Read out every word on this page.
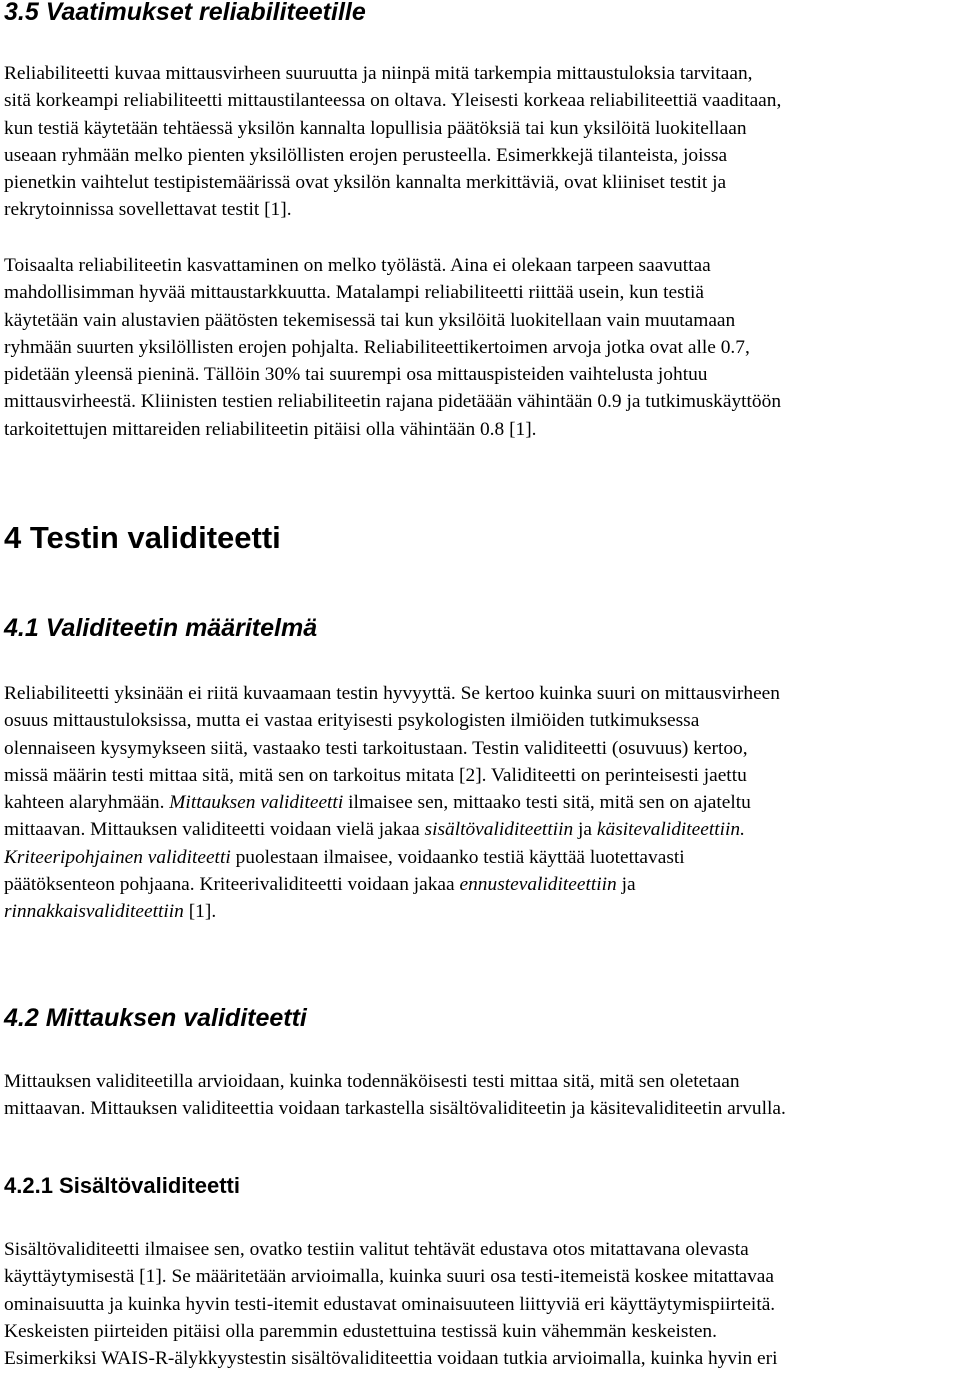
3.5 Vaatimukset reliabiliteetille
Reliabiliteetti kuvaa mittausvirheen suuruutta ja niinpä mitä tarkempia mittaustuloksia tarvitaan,
sitä korkeampi reliabiliteetti mittaustilanteessa on oltava. Yleisesti korkeaa reliabiliteettiä vaaditaan,
kun testiä käytetään tehtäessä yksilön kannalta lopullisia päätöksiä tai kun yksilöitä luokitellaan
useaan ryhmään melko pienten yksilöllisten erojen perusteella. Esimerkkejä tilanteista, joissa
pienetkin vaihtelut testipistemäärissä ovat yksilön kannalta merkittäviä, ovat kliiniset testit ja
rekrytoinnissa sovellettavat testit [1].
Toisaalta reliabiliteetin kasvattaminen on melko työlästä. Aina ei olekaan tarpeen saavuttaa
mahdollisimman hyvää mittaustarkkuutta. Matalampi reliabiliteetti riittää usein, kun testiä
käytetään vain alustavien päätösten tekemisessä tai kun yksilöitä luokitellaan vain muutamaan
ryhmään suurten yksilöllisten erojen pohjalta. Reliabiliteettikertoimen arvoja jotka ovat alle 0.7,
pidetään yleensä pieninä. Tällöin 30% tai suurempi osa mittauspisteiden vaihtelusta johtuu
mittausvirheestä. Kliinisten testien reliabiliteetin rajana pidetäään vähintään 0.9 ja tutkimuskäyttöön
tarkoitettujen mittareiden reliabiliteetin pitäisi olla vähintään 0.8 [1].
4 Testin validiteetti
4.1 Validiteetin määritelmä
Reliabiliteetti yksinään ei riitä kuvaamaan testin hyvyyttä. Se kertoo kuinka suuri on mittausvirheen
osuus mittaustuloksissa, mutta ei vastaa erityisesti psykologisten ilmiöiden tutkimuksessa
olennaiseen kysymykseen siitä, vastaako testi tarkoitustaan. Testin validiteetti (osuvuus) kertoo,
missä määrin testi mittaa sitä, mitä sen on tarkoitus mitata [2]. Validiteetti on perinteisesti jaettu
kahteen alaryhmään. Mittauksen validiteetti ilmaisee sen, mittaako testi sitä, mitä sen on ajateltu
mittaavan. Mittauksen validiteetti voidaan vielä jakaa sisältövaliditeettiin ja käsitevaliditeettiin.
Kriteeripohjainen validiteetti puolestaan ilmaisee, voidaanko testiä käyttää luotettavasti
päätöksenteon pohjaana. Kriteerivaliditeetti voidaan jakaa ennustevaliditeettiin ja
rinnakkaisvaliditeettiin [1].
4.2 Mittauksen validiteetti
Mittauksen validiteetilla arvioidaan, kuinka todennäköisesti testi mittaa sitä, mitä sen oletetaan
mittaavan. Mittauksen validiteettia voidaan tarkastella sisältövaliditeetin ja käsitevaliditeetin arvulla.
4.2.1 Sisältövaliditeetti
Sisältövaliditeetti ilmaisee sen, ovatko testiin valitut tehtävät edustava otos mitattavana olevasta
käyttäytymisestä [1]. Se määritetään arvioimalla, kuinka suuri osa testi-itemeistä koskee mitattavaa
ominaisuutta ja kuinka hyvin testi-itemit edustavat ominaisuuteen liittyviä eri käyttäytymispiirteitä.
Keskeisten piirteiden pitäisi olla paremmin edustettuina testissä kuin vähemmän keskeisten.
Esimerkiksi WAIS-R-älykkyystestin sisältövaliditeettia voidaan tutkia arvioimalla, kuinka hyvin eri
